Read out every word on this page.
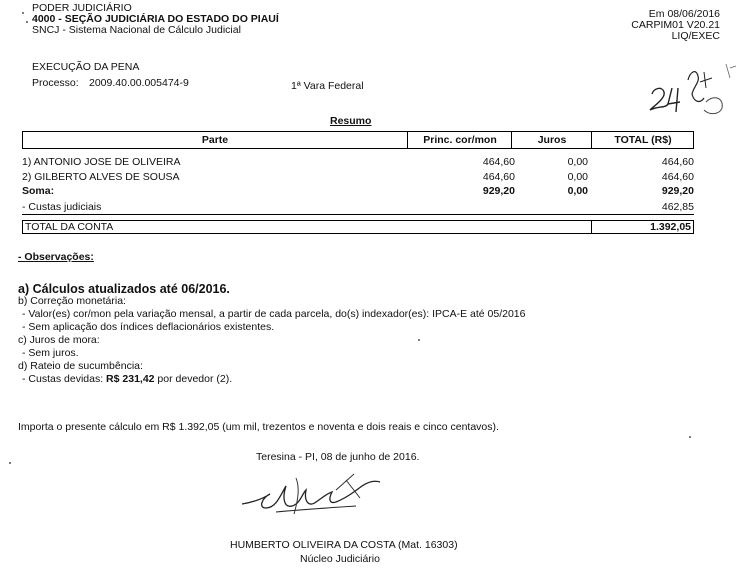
PODER JUDICIÁRIO
4000 - SEÇÃO JUDICIÁRIA DO ESTADO DO PIAUÍ
SNCJ - Sistema Nacional de Cálculo Judicial
Em 08/06/2016
CARPIM01 V20.21
LIQ/EXEC
34
EXECUÇÃO DA PENA
Processo: 2009.40.00.005474-9	1ª Vara Federal
Resumo
Parte	Princ. cor/mon	Juros	TOTAL (R$)
1) ANTONIO JOSE DE OLIVEIRA	464,60	0,00	464,60
2) GILBERTO ALVES DE SOUSA	464,60	0,00	464,60
Soma:	929,20	0,00	929,20
- Custas judiciais	462,85
TOTAL DA CONTA	1.392,05
- Observações:
a) Cálculos atualizados até 06/2016.
b) Correção monetária:
- Valor(es) cor/mon pela variação mensal, a partir de cada parcela, do(s) indexador(es): IPCA-E até 05/2016
- Sem aplicação dos índices deflacionários existentes.
c) Juros de mora:
- Sem juros.
d) Rateio de sucumbência:
- Custas devidas: R$ 231,42 por devedor (2).
Importa o presente cálculo em R$ 1.392,05 (um mil, trezentos e noventa e dois reais e cinco centavos).
Teresina - PI, 08 de junho de 2016.
HUMBERTO OLIVEIRA DA COSTA (Mat. 16303)
Núcleo Judiciário
